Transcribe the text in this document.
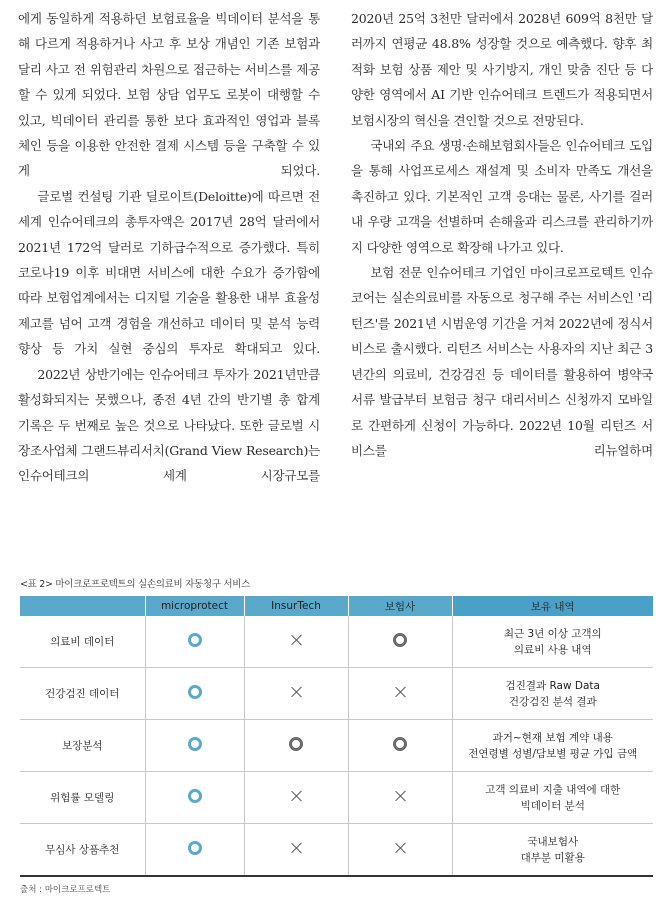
에게 동일하게 적용하던 보험료율을 빅데이터 분석을 통해 다르게 적용하거나 사고 후 보상 개념인 기존 보험과 달리 사고 전 위험관리 차원으로 접근하는 서비스를 제공할 수 있게 되었다. 보험 상담 업무도 로봇이 대행할 수 있고, 빅데이터 관리를 통한 보다 효과적인 영업과 블록체인 등을 이용한 안전한 결제 시스템 등을 구축할 수 있게 되었다.

글로벌 컨설팅 기관 딜로이트(Deloitte)에 따르면 전 세계 인슈어테크의 총투자액은 2017년 28억 달러에서 2021년 172억 달러로 기하급수적으로 증가했다. 특히 코로나19 이후 비대면 서비스에 대한 수요가 증가함에 따라 보험업계에서는 디지털 기술을 활용한 내부 효율성 제고를 넘어 고객 경험을 개선하고 데이터 및 분석 능력 향상 등 가치 실현 중심의 투자로 확대되고 있다.

2022년 상반기에는 인슈어테크 투자가 2021년만큼 활성화되지는 못했으나, 종전 4년 간의 반기별 총 합계 기록은 두 번째로 높은 것으로 나타났다. 또한 글로벌 시장조사업체 그랜드뷰리서치(Grand View Research)는 인슈어테크의 세계 시장규모를

2020년 25억 3천만 달러에서 2028년 609억 8천만 달러까지 연평균 48.8% 성장할 것으로 예측했다. 향후 최적화 보험 상품 제안 및 사기방지, 개인 맞춤 진단 등 다양한 영역에서 AI 기반 인슈어테크 트렌드가 적용되면서 보험시장의 혁신을 견인할 것으로 전망된다.

국내외 주요 생명·손해보험회사들은 인슈어테크 도입을 통해 사업프로세스 재설계 및 소비자 만족도 개선을 촉진하고 있다. 기본적인 고객 응대는 물론, 사기를 걸러내 우량 고객을 선별하며 손해율과 리스크를 관리하기까지 다양한 영역으로 확장해 나가고 있다.

보험 전문 인슈어테크 기업인 마이크로프로텍트 인슈코어는 실손의료비를 자동으로 청구해 주는 서비스인 '리턴즈'를 2021년 시범운영 기간을 거쳐 2022년에 정식서비스로 출시했다. 리턴즈 서비스는 사용자의 지난 최근 3년간의 의료비, 건강검진 등 데이터를 활용하여 병약국 서류 발급부터 보험금 청구 대리서비스 신청까지 모바일로 간편하게 신청이 가능하다. 2022년 10월 리턴즈 서비스를 리뉴얼하며

<표 2> 마이크로프로텍트의 실손의료비 자동청구 서비스
	microprotect	InsurTech	보험사	보유 내역
의료비 데이터				최근 3년 이상 고객의
의료비 사용 내역

건강검진 데이터				검진결과 Raw Data
건강검진 분석 결과

보장분석				과거~현재 보험 계약 내용
전연령별 성별/담보별 평균 가입 금액

위험률 모델링				고객 의료비 지출 내역에 대한
빅데이터 분석

무심사 상품추천				국내보험사
대부분 미활용
출처 : 마이크로프로텍트
